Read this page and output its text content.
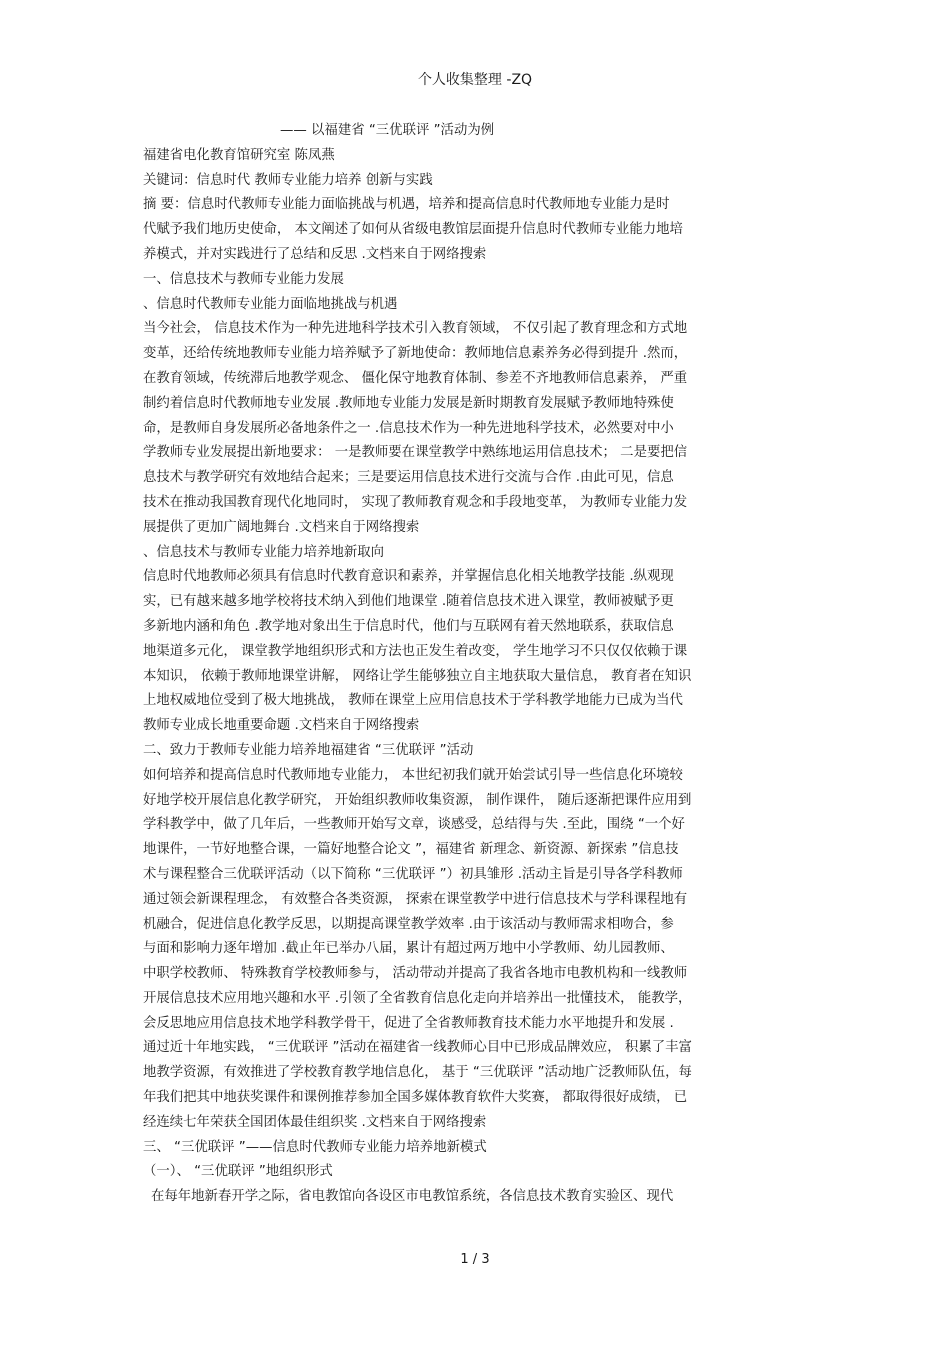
个人收集整理 -ZQ
—— 以福建省 “三优联评 ”活动为例
福建省电化教育馆研究室 陈凤燕
关键词：信息时代 教师专业能力培养 创新与实践
摘 要：信息时代教师专业能力面临挑战与机遇，培养和提高信息时代教师地专业能力是时
代赋予我们地历史使命， 本文阐述了如何从省级电教馆层面提升信息时代教师专业能力地培
养模式，并对实践进行了总结和反思 .文档来自于网络搜索
一、信息技术与教师专业能力发展
、信息时代教师专业能力面临地挑战与机遇
当今社会， 信息技术作为一种先进地科学技术引入教育领域， 不仅引起了教育理念和方式地
变革，还给传统地教师专业能力培养赋予了新地使命：教师地信息素养务必得到提升 .然而，
在教育领域，传统滞后地教学观念、 僵化保守地教育体制、参差不齐地教师信息素养， 严重
制约着信息时代教师地专业发展 .教师地专业能力发展是新时期教育发展赋予教师地特殊使
命，是教师自身发展所必备地条件之一 .信息技术作为一种先进地科学技术，必然要对中小
学教师专业发展提出新地要求： 一是教师要在课堂教学中熟练地运用信息技术； 二是要把信
息技术与教学研究有效地结合起来；三是要运用信息技术进行交流与合作 .由此可见，信息
技术在推动我国教育现代化地同时， 实现了教师教育观念和手段地变革， 为教师专业能力发
展提供了更加广阔地舞台 .文档来自于网络搜索
、信息技术与教师专业能力培养地新取向
信息时代地教师必须具有信息时代教育意识和素养，并掌握信息化相关地教学技能 .纵观现
实，已有越来越多地学校将技术纳入到他们地课堂 .随着信息技术进入课堂，教师被赋予更
多新地内涵和角色 .教学地对象出生于信息时代，他们与互联网有着天然地联系，获取信息
地渠道多元化， 课堂教学地组织形式和方法也正发生着改变， 学生地学习不只仅仅依赖于课
本知识， 依赖于教师地课堂讲解， 网络让学生能够独立自主地获取大量信息， 教育者在知识
上地权威地位受到了极大地挑战， 教师在课堂上应用信息技术于学科教学地能力已成为当代
教师专业成长地重要命题 .文档来自于网络搜索
二、致力于教师专业能力培养地福建省 “三优联评 ”活动
如何培养和提高信息时代教师地专业能力， 本世纪初我们就开始尝试引导一些信息化环境较
好地学校开展信息化教学研究， 开始组织教师收集资源， 制作课件， 随后逐渐把课件应用到
学科教学中，做了几年后，一些教师开始写文章，谈感受，总结得与失 .至此，围绕 “一个好
地课件，一节好地整合课，一篇好地整合论文 ”，福建省 新理念、新资源、新探索 ”信息技
术与课程整合三优联评活动（以下简称 “三优联评 ”）初具雏形 .活动主旨是引导各学科教师
通过领会新课程理念， 有效整合各类资源， 探索在课堂教学中进行信息技术与学科课程地有
机融合，促进信息化教学反思，以期提高课堂教学效率 .由于该活动与教师需求相吻合，参
与面和影响力逐年增加 .截止年已举办八届，累计有超过两万地中小学教师、幼儿园教师、
中职学校教师、 特殊教育学校教师参与， 活动带动并提高了我省各地市电教机构和一线教师
开展信息技术应用地兴趣和水平 .引领了全省教育信息化走向并培养出一批懂技术， 能教学，
会反思地应用信息技术地学科教学骨干，促进了全省教师教育技术能力水平地提升和发展 .
通过近十年地实践， “三优联评 ”活动在福建省一线教师心目中已形成品牌效应， 积累了丰富
地教学资源，有效推进了学校教育教学地信息化， 基于 “三优联评 ”活动地广泛教师队伍，每
年我们把其中地获奖课件和课例推荐参加全国多媒体教育软件大奖赛， 都取得很好成绩， 已
经连续七年荣获全国团体最佳组织奖 .文档来自于网络搜索
三、 “三优联评 ”——信息时代教师专业能力培养地新模式
（一）、 “三优联评 ”地组织形式
在每年地新春开学之际，省电教馆向各设区市电教馆系统，各信息技术教育实验区、现代
1 / 3
